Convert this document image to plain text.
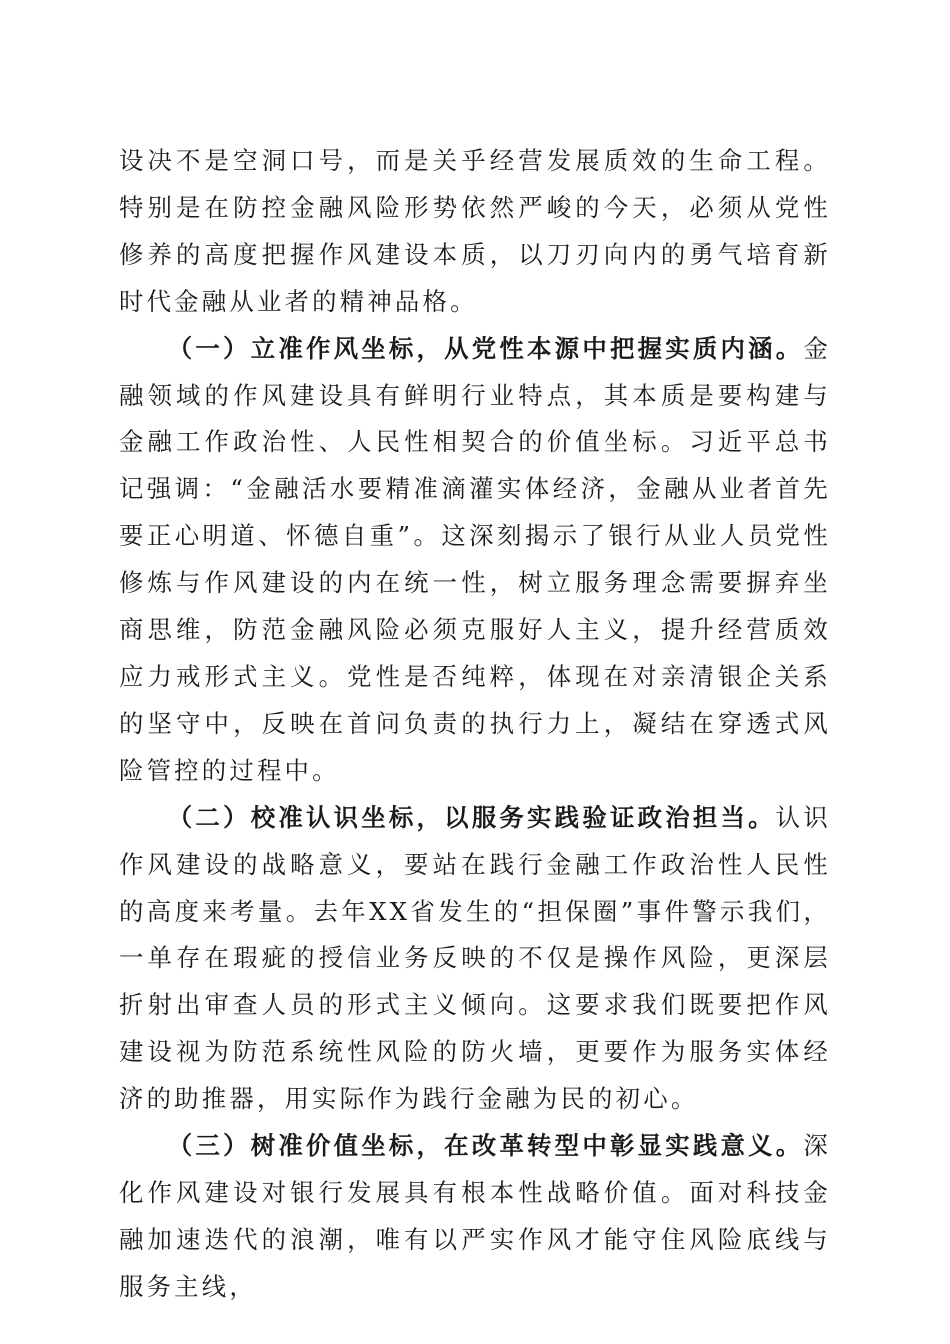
设决不是空洞口号，而是关乎经营发展质效的生命工程。特别是在防控金融风险形势依然严峻的今天，必须从党性修养的高度把握作风建设本质，以刀刃向内的勇气培育新时代金融从业者的精神品格。

（一）立准作风坐标，从党性本源中把握实质内涵。金融领域的作风建设具有鲜明行业特点，其本质是要构建与金融工作政治性、人民性相契合的价值坐标。习近平总书记强调：“金融活水要精准滴灌实体经济，金融从业者首先要正心明道、怀德自重”。这深刻揭示了银行从业人员党性修炼与作风建设的内在统一性，树立服务理念需要摒弃坐商思维，防范金融风险必须克服好人主义，提升经营质效应力戒形式主义。党性是否纯粹，体现在对亲清银企关系的坚守中，反映在首问负责的执行力上，凝结在穿透式风险管控的过程中。

（二）校准认识坐标，以服务实践验证政治担当。认识作风建设的战略意义，要站在践行金融工作政治性人民性的高度来考量。去年XX省发生的“担保圈”事件警示我们，一单存在瑕疵的授信业务反映的不仅是操作风险，更深层折射出审查人员的形式主义倾向。这要求我们既要把作风建设视为防范系统性风险的防火墙，更要作为服务实体经济的助推器，用实际作为践行金融为民的初心。

（三）树准价值坐标，在改革转型中彰显实践意义。深化作风建设对银行发展具有根本性战略价值。面对科技金融加速迭代的浪潮，唯有以严实作风才能守住风险底线与服务主线，
